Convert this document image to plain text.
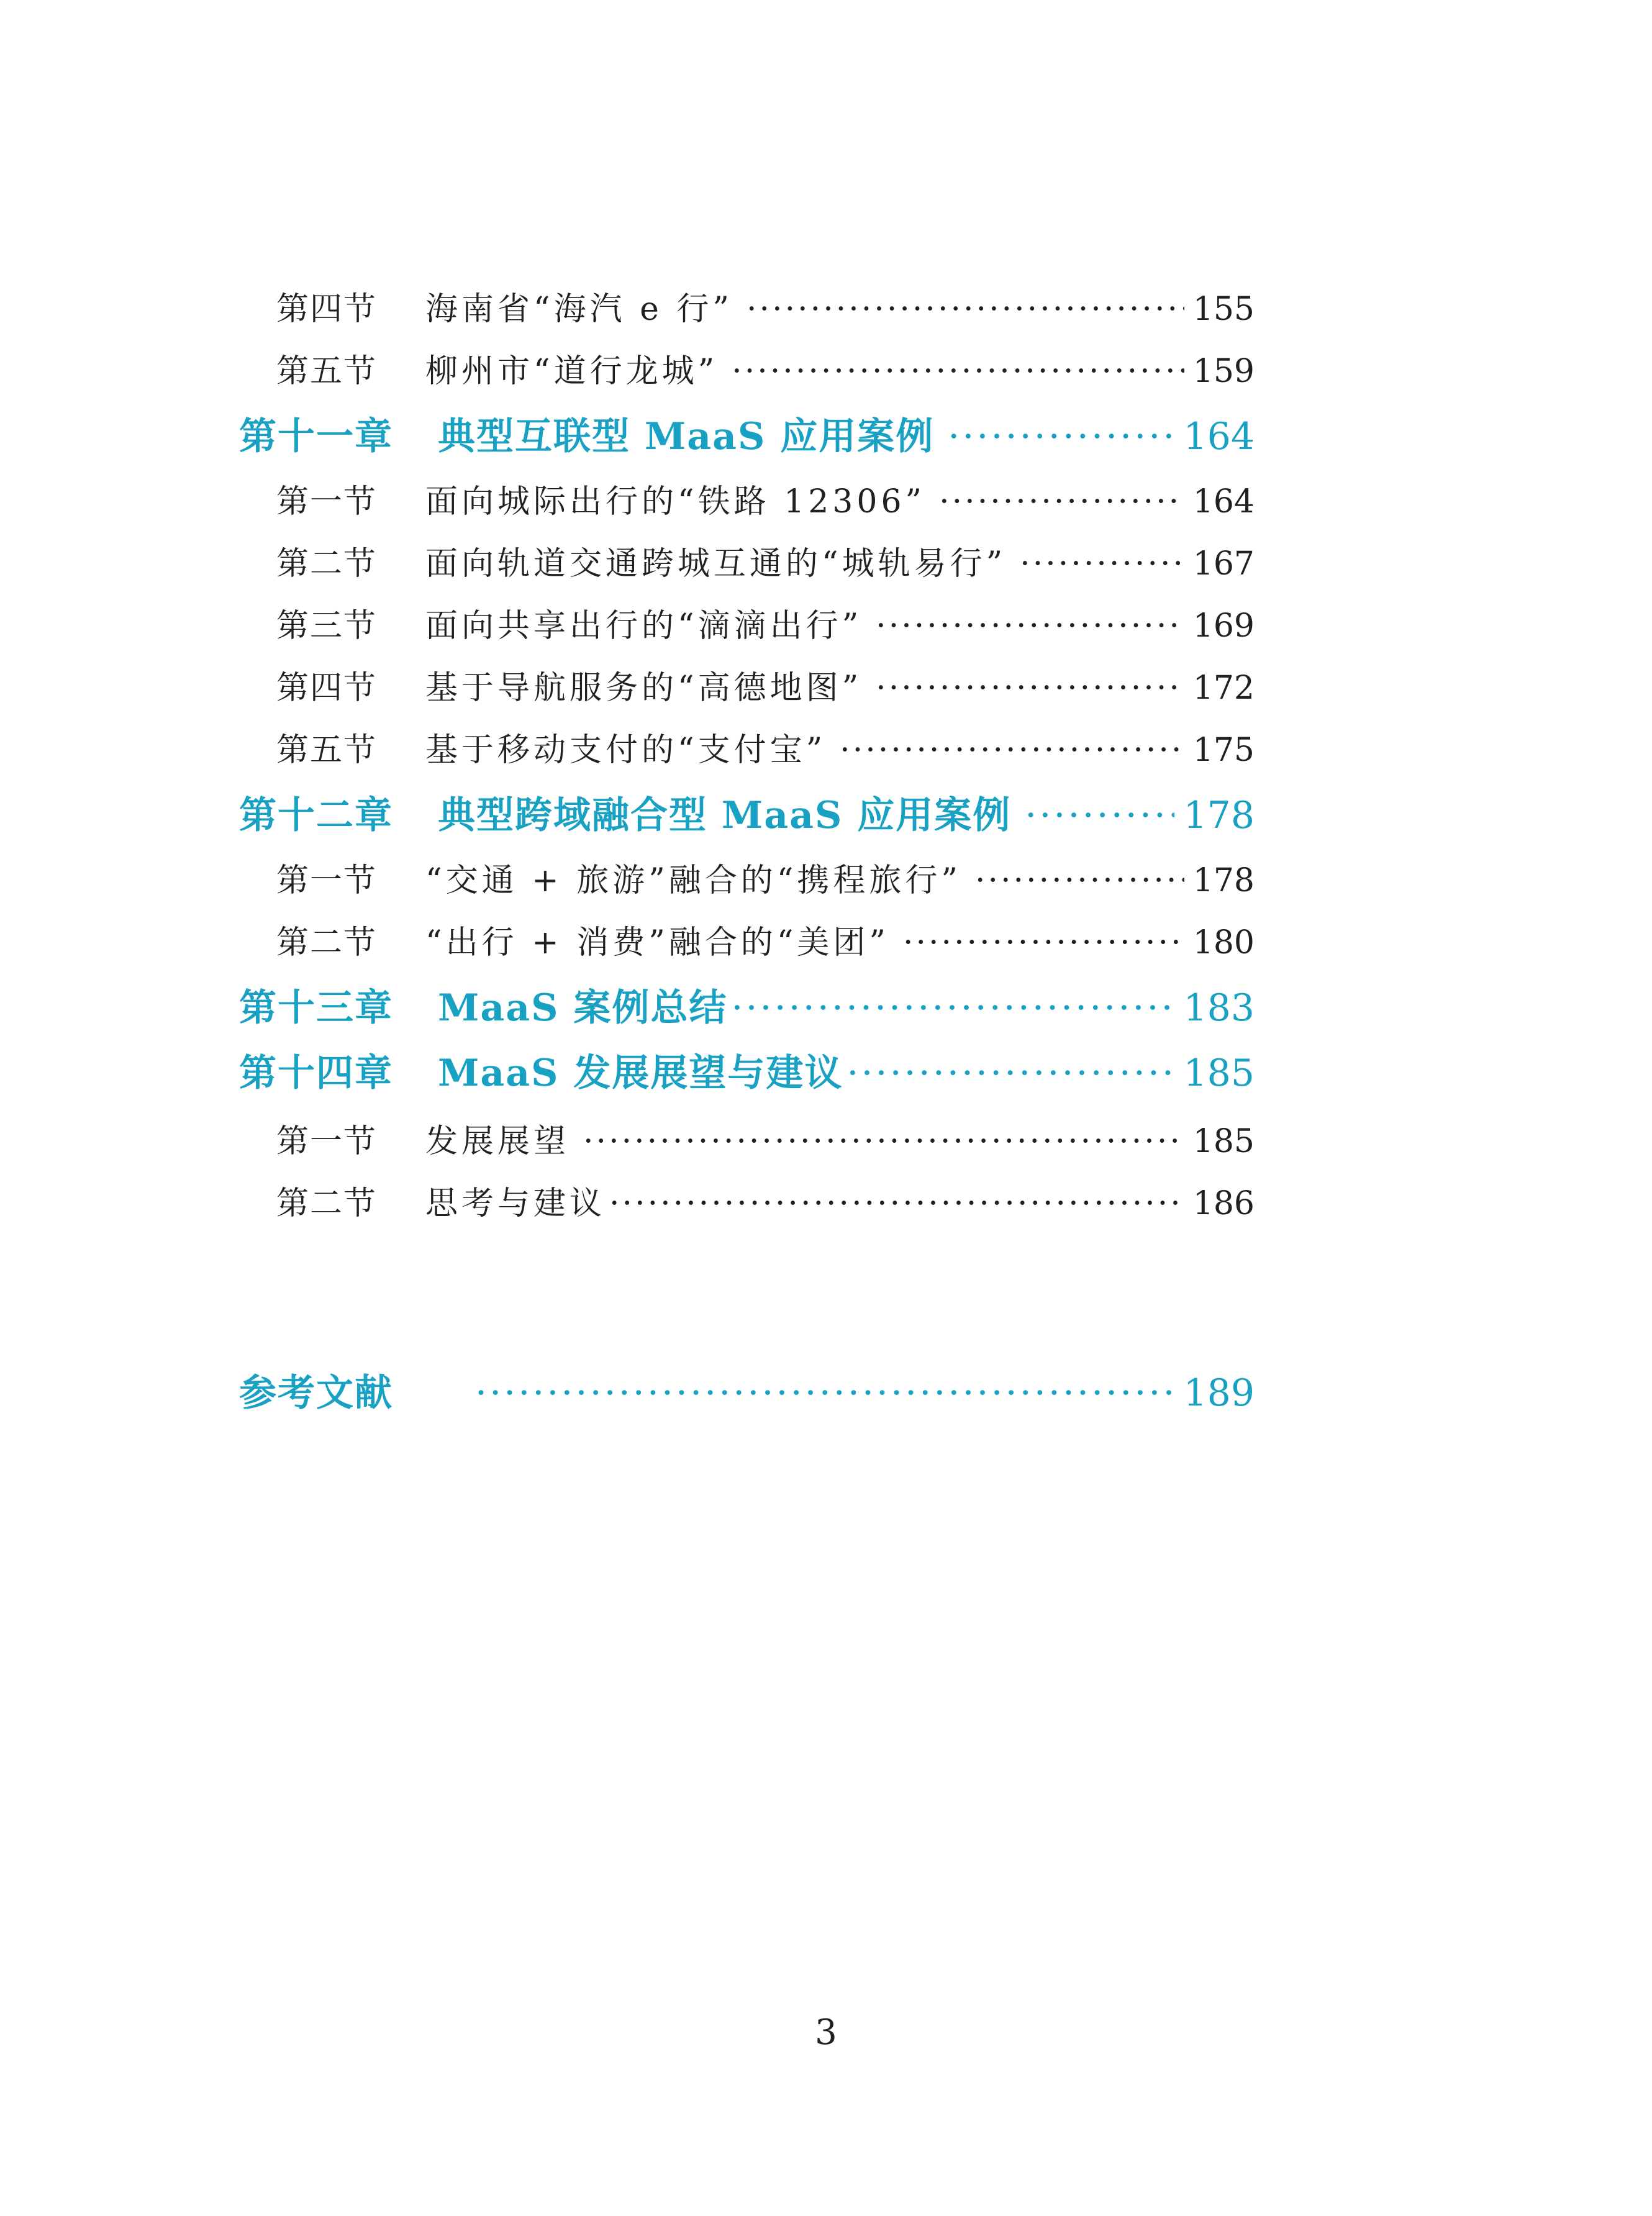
第四节	海南省“海汽 e 行” ·····	155
第五节	柳州市“道行龙城” ·····	159
第十一章	典型互联型 MaaS 应用案例 ·····	164
第一节	面向城际出行的“铁路 12306” ·····	164
第二节	面向轨道交通跨城互通的“城轨易行” ·····	167
第三节	面向共享出行的“滴滴出行” ·····	169
第四节	基于导航服务的“高德地图” ·····	172
第五节	基于移动支付的“支付宝” ·····	175
第十二章	典型跨域融合型 MaaS 应用案例 ·····	178
第一节	“交通 + 旅游”融合的“携程旅行” ·····	178
第二节	“出行 + 消费”融合的“美团” ·····	180
第十三章	MaaS 案例总结 ·····	183
第十四章	MaaS 发展展望与建议 ·····	185
第一节	发展展望 ·····	185
第二节	思考与建议 ·····	186
参考文献 ·····	189
3
